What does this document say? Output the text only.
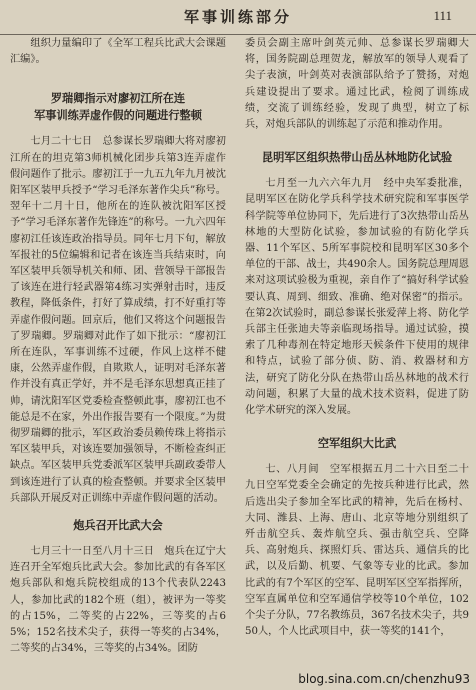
军事训练部分	111

组织力量编印了《全军工程兵比武大会课题汇编》。

罗瑞卿指示对廖初江所在连

军事训练弄虚作假的问题进行整顿

七月二十七日　总参谋长罗瑞卿大将对廖初江所在的坦克第3师机械化团步兵第3连弄虚作假问题作了批示。廖初江于一九五九年九月被沈阳军区装甲兵授予“学习毛泽东著作尖兵”称号。翌年十二月十日，他所在的连队被沈阳军区授予“学习毛泽东著作先锋连”的称号。一九六四年廖初江任该连政治指导员。同年七月下旬，解放军报社的5位编辑和记者在该连当兵结束时，向军区装甲兵领导机关和师、团、营领导干部报告了该连在进行轻武器第4练习实弹射击时，违反教程，降低条件，打好了算成绩，打不好重打等弄虚作假问题。回京后，他们又将这个问题报告了罗瑞卿。罗瑞卿对此作了如下批示：“廖初江所在连队，军事训练不过硬，作风上这样不健康，公然弄虚作假，自欺欺人，证明对毛泽东著作并没有真正学好，并不是毛泽东思想真正挂了帅，请沈阳军区党委检查整顿此事，廖初江也不能总是不在家，外出作报告要有一个限度。”为贯彻罗瑞卿的批示，军区政治委员赖传珠上将指示军区装甲兵，对该连要加强领导，不断检查纠正缺点。军区装甲兵党委派军区装甲兵副政委带人到该连进行了认真的检查整顿。并要求全区装甲兵部队开展反对正训练中弄虚作假问题的活动。

炮兵召开比武大会

七月三十一日至八月十三日　炮兵在辽宁大连召开全军炮兵比武大会。参加比武的有各军区炮兵部队和炮兵院校组成的13个代表队2243人，参加比武的182个班（组），被评为一等奖的占15%，二等奖的占22%，三等奖的占65%；152名技术尖子，获得一等奖的占34%，二等奖的占34%，三等奖的占34%。团防

委员会副主席叶剑英元帅、总参谋长罗瑞卿大将，国务院副总理贺龙，解放军的领导人观看了尖子表演，叶剑英对表演部队给予了赞扬，对炮兵建设提出了要求。通过比武，检阅了训练成绩，交流了训练经验，发现了典型，树立了标兵，对炮兵部队的训练起了示范和推动作用。

昆明军区组织热带山岳丛林地防化试验

七月至一九六六年九月　经中央军委批准，昆明军区在防化学兵科学技术研究院和军事医学科学院等单位协同下，先后进行了3次热带山岳丛林地的大型防化试验，参加试验的有防化学兵器、11个军区、5所军事院校和昆明军区30多个单位的干部、战士，共490余人。国务院总理周恩来对这项试验极为重视，亲自作了“搞好科学试验要认真、周到、细致、准确、绝对保密”的指示。在第2次试验时，副总参谋长张爱萍上将、防化学兵部主任张迪夫等亲临现场指导。通过试验，摸索了几种毒剂在特定地形天候条件下使用的规律和特点，试验了部分侦、防、消、救器材和方法，研究了防化分队在热带山岳丛林地的战术行动问题，积累了大量的战术技术资料，促进了防化学术研究的深入发展。

空军组织大比武

七、八月间　空军根据五月二十六日至二十九日空军党委全会确定的先按兵种进行比武，然后选出尖子参加全军比武的精神，先后在杨村、大同、潍县、上海、唐山、北京等地分别组织了歼击航空兵、轰炸航空兵、强击航空兵、空降兵、高射炮兵、探照灯兵、雷达兵、通信兵的比武，以及后勤、机要、气象等专业的比武。参加比武的有7个军区的空军、昆明军区空军指挥所，空军直属单位和空军通信学校等10个单位，102个尖子分队，77名教练员，367名技术尖子，共950人，个人比武项目中，获一等奖的141个，

blog.sina.com.cn/chenzhu93
